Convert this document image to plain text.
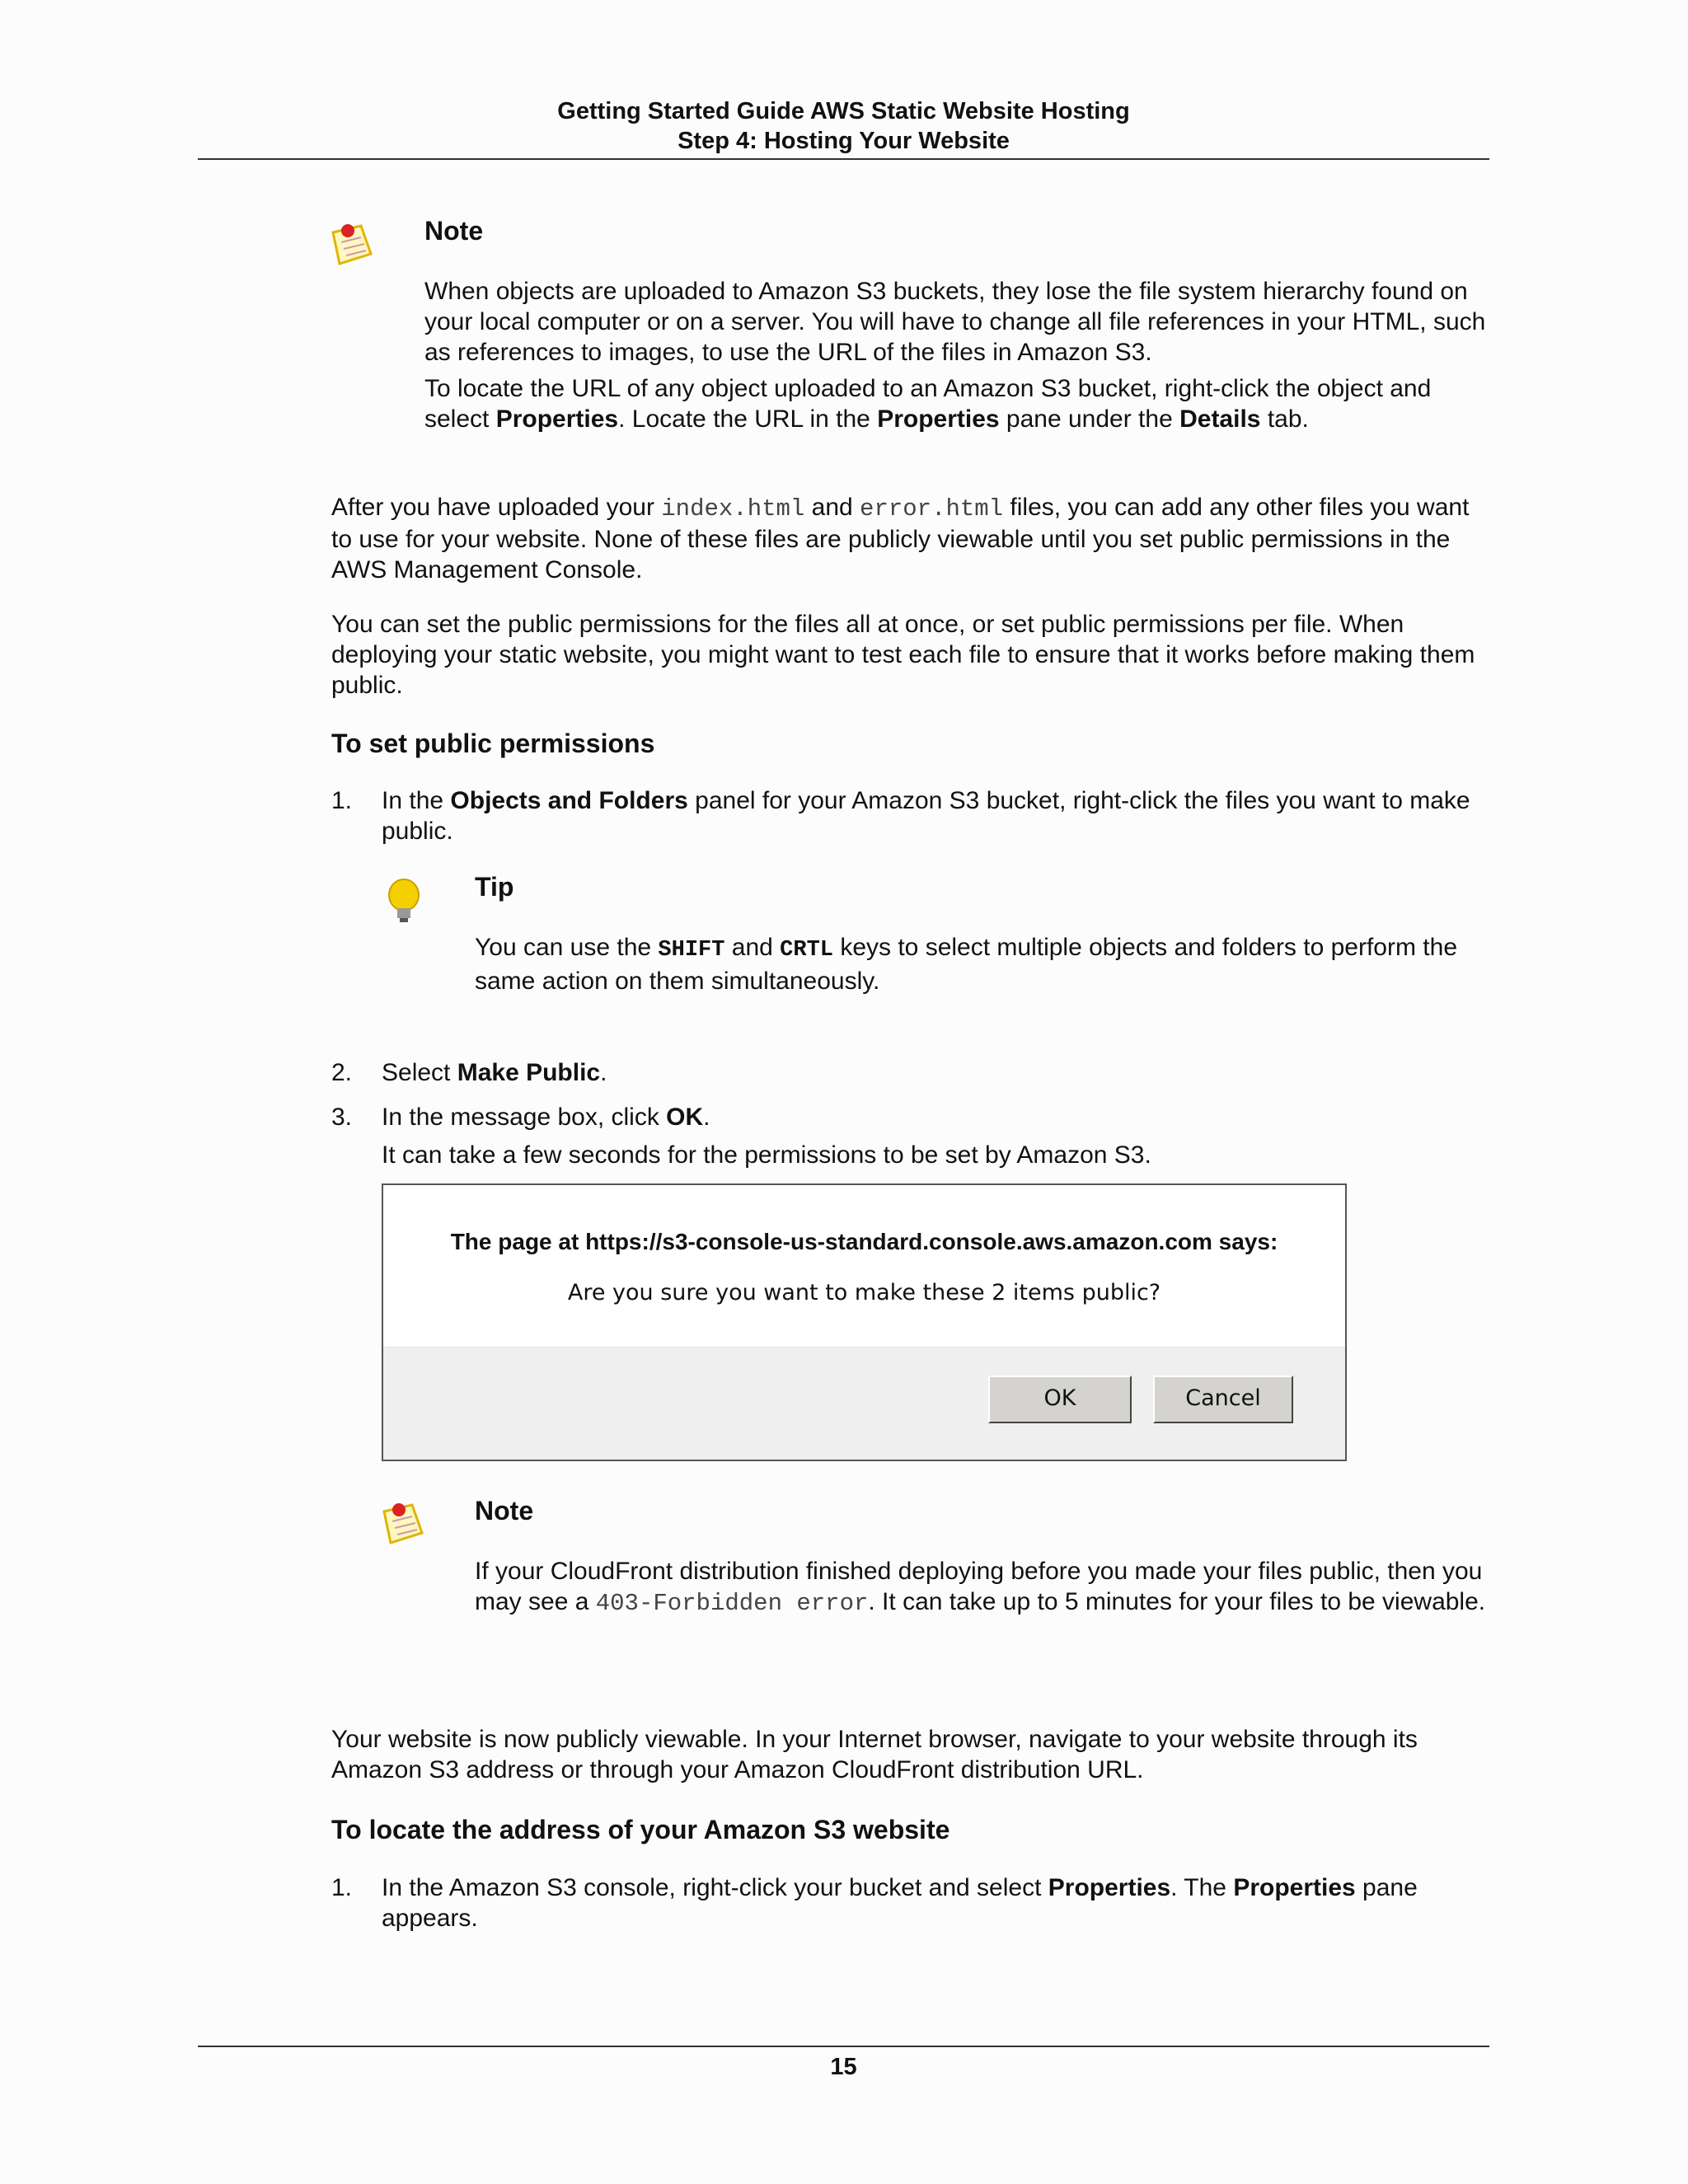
Getting Started Guide AWS Static Website Hosting
Step 4: Hosting Your Website
Note
When objects are uploaded to Amazon S3 buckets, they lose the file system hierarchy found on your local computer or on a server. You will have to change all file references in your HTML, such as references to images, to use the URL of the files in Amazon S3.
To locate the URL of any object uploaded to an Amazon S3 bucket, right-click the object and select Properties. Locate the URL in the Properties pane under the Details tab.
After you have uploaded your index.html and error.html files, you can add any other files you want to use for your website. None of these files are publicly viewable until you set public permissions in the AWS Management Console.
You can set the public permissions for the files all at once, or set public permissions per file. When deploying your static website, you might want to test each file to ensure that it works before making them public.
To set public permissions
1. In the Objects and Folders panel for your Amazon S3 bucket, right-click the files you want to make public.
Tip
You can use the SHIFT and CRTL keys to select multiple objects and folders to perform the same action on them simultaneously.
2. Select Make Public.
3. In the message box, click OK.
It can take a few seconds for the permissions to be set by Amazon S3.
The page at https://s3-console-us-standard.console.aws.amazon.com says:
Are you sure you want to make these 2 items public?
OK	Cancel
Note
If your CloudFront distribution finished deploying before you made your files public, then you may see a 403-Forbidden error. It can take up to 5 minutes for your files to be viewable.
Your website is now publicly viewable. In your Internet browser, navigate to your website through its Amazon S3 address or through your Amazon CloudFront distribution URL.
To locate the address of your Amazon S3 website
1. In the Amazon S3 console, right-click your bucket and select Properties. The Properties pane appears.
15
